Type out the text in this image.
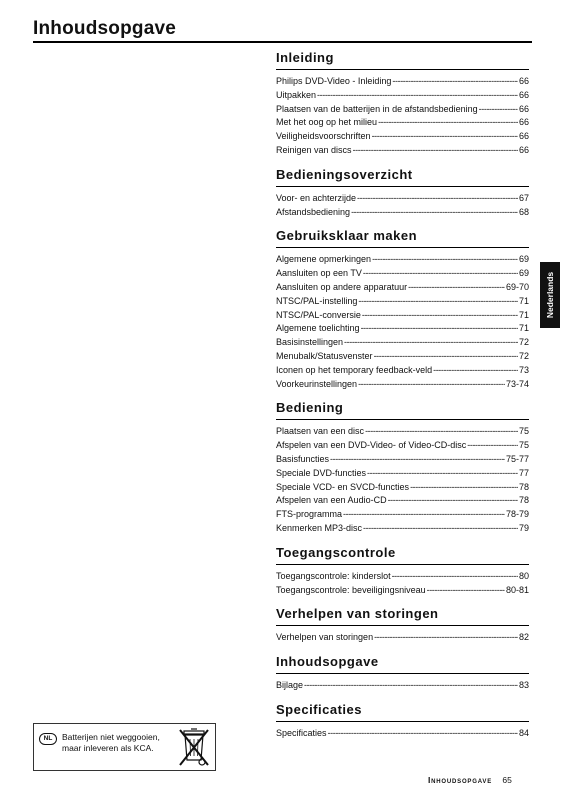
Inhoudsopgave
Inleiding
Philips DVD-Video - Inleiding -----	66
Uitpakken -----	66
Plaatsen van de batterijen in de afstandsbediening -----	66
Met het oog op het milieu -----	66
Veiligheidsvoorschriften -----	66
Reinigen van discs -----	66
Bedieningsoverzicht
Voor- en achterzijde -----	67
Afstandsbediening -----	68
Gebruiksklaar maken
Algemene opmerkingen -----	69
Aansluiten op een TV -----	69
Aansluiten op andere apparatuur -----	69-70
NTSC/PAL-instelling -----	71
NTSC/PAL-conversie -----	71
Algemene toelichting -----	71
Basisinstellingen -----	72
Menubalk/Statusvenster -----	72
Iconen op het temporary feedback-veld -----	73
Voorkeurinstellingen -----	73-74
Bediening
Plaatsen van een disc -----	75
Afspelen van een DVD-Video- of Video-CD-disc -----	75
Basisfuncties -----	75-77
Speciale DVD-functies -----	77
Speciale VCD- en SVCD-functies -----	78
Afspelen van een Audio-CD -----	78
FTS-programma -----	78-79
Kenmerken MP3-disc -----	79
Toegangscontrole
Toegangscontrole: kinderslot -----	80
Toegangscontrole: beveiligingsniveau -----	80-81
Verhelpen van storingen
Verhelpen van storingen -----	82
Inhoudsopgave
Bijlage -----	83
Specificaties
Specificaties -----	84
Nederlands
NL	Batterijen niet weggooien,
maar inleveren als KCA.
Inhoudsopgave 65
